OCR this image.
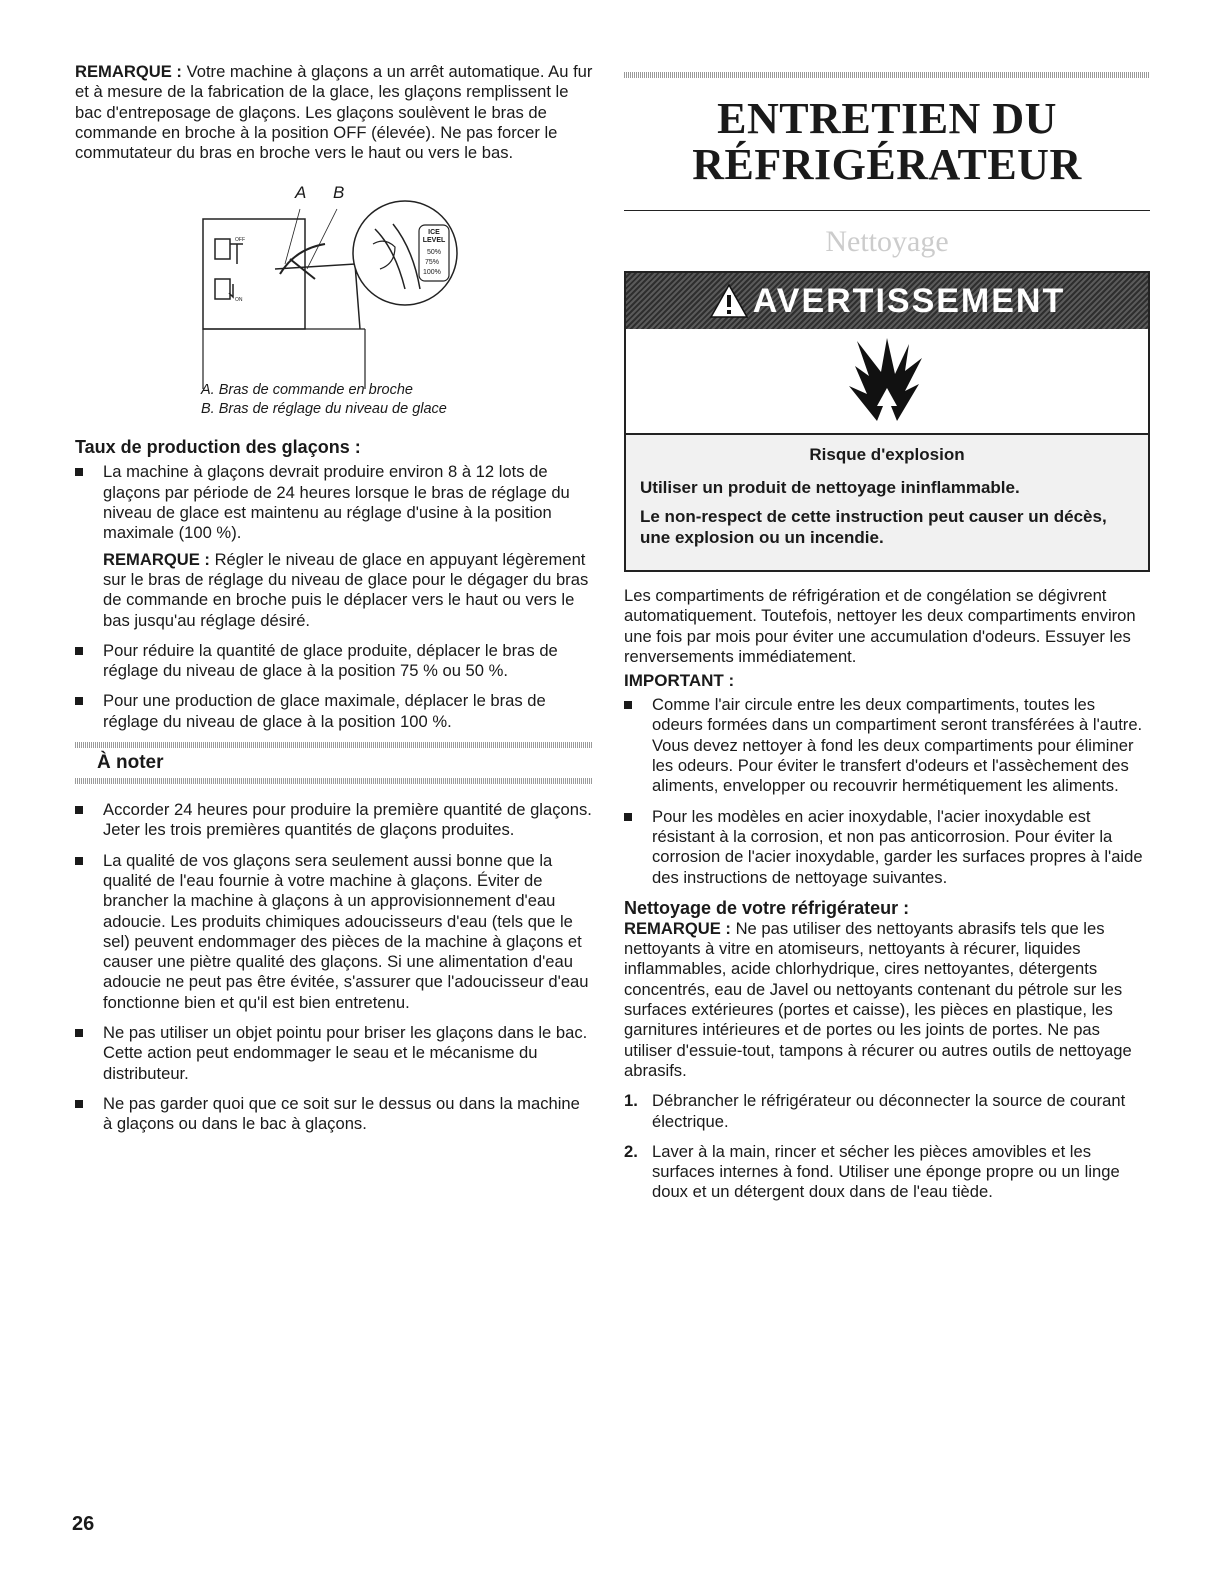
REMARQUE : Votre machine à glaçons a un arrêt automatique. Au fur et à mesure de la fabrication de la glace, les glaçons remplissent le bac d'entreposage de glaçons. Les glaçons soulèvent le bras de commande en broche à la position OFF (élevée). Ne pas forcer le commutateur du bras en broche vers le haut ou vers le bas.

A B
OFF
ON
ICE LEVEL
50%
75%
100%

A. Bras de commande en broche

B. Bras de réglage du niveau de glace

Taux de production des glaçons :
La machine à glaçons devrait produire environ 8 à 12 lots de glaçons par période de 24 heures lorsque le bras de réglage du niveau de glace est maintenu au réglage d'usine à la position maximale (100 %).

REMARQUE : Régler le niveau de glace en appuyant légèrement sur le bras de réglage du niveau de glace pour le dégager du bras de commande en broche puis le déplacer vers le haut ou vers le bas jusqu'au réglage désiré.

Pour réduire la quantité de glace produite, déplacer le bras de réglage du niveau de glace à la position 75 % ou 50 %.
Pour une production de glace maximale, déplacer le bras de réglage du niveau de glace à la position 100 %.
À noter
Accorder 24 heures pour produire la première quantité de glaçons. Jeter les trois premières quantités de glaçons produites.
La qualité de vos glaçons sera seulement aussi bonne que la qualité de l'eau fournie à votre machine à glaçons. Éviter de brancher la machine à glaçons à un approvisionnement d'eau adoucie. Les produits chimiques adoucisseurs d'eau (tels que le sel) peuvent endommager des pièces de la machine à glaçons et causer une piètre qualité des glaçons. Si une alimentation d'eau adoucie ne peut pas être évitée, s'assurer que l'adoucisseur d'eau fonctionne bien et qu'il est bien entretenu.
Ne pas utiliser un objet pointu pour briser les glaçons dans le bac. Cette action peut endommager le seau et le mécanisme du distributeur.
Ne pas garder quoi que ce soit sur le dessus ou dans la machine à glaçons ou dans le bac à glaçons.
ENTRETIEN DU
RÉFRIGÉRATEUR
Nettoyage
AVERTISSEMENT
Risque d'explosion
Utiliser un produit de nettoyage ininflammable.
Le non-respect de cette instruction peut causer un décès, une explosion ou un incendie.

Les compartiments de réfrigération et de congélation se dégivrent automatiquement. Toutefois, nettoyer les deux compartiments environ une fois par mois pour éviter une accumulation d'odeurs. Essuyer les renversements immédiatement.

IMPORTANT :
Comme l'air circule entre les deux compartiments, toutes les odeurs formées dans un compartiment seront transférées à l'autre. Vous devez nettoyer à fond les deux compartiments pour éliminer les odeurs. Pour éviter le transfert d'odeurs et l'assèchement des aliments, envelopper ou recouvrir hermétiquement les aliments.
Pour les modèles en acier inoxydable, l'acier inoxydable est résistant à la corrosion, et non pas anticorrosion. Pour éviter la corrosion de l'acier inoxydable, garder les surfaces propres à l'aide des instructions de nettoyage suivantes.
Nettoyage de votre réfrigérateur :

REMARQUE : Ne pas utiliser des nettoyants abrasifs tels que les nettoyants à vitre en atomiseurs, nettoyants à récurer, liquides inflammables, acide chlorhydrique, cires nettoyantes, détergents concentrés, eau de Javel ou nettoyants contenant du pétrole sur les surfaces extérieures (portes et caisse), les pièces en plastique, les garnitures intérieures et de portes ou les joints de portes. Ne pas utiliser d'essuie-tout, tampons à récurer ou autres outils de nettoyage abrasifs.

1. Débrancher le réfrigérateur ou déconnecter la source de courant électrique.
2. Laver à la main, rincer et sécher les pièces amovibles et les surfaces internes à fond. Utiliser une éponge propre ou un linge doux et un détergent doux dans de l'eau tiède.
26
